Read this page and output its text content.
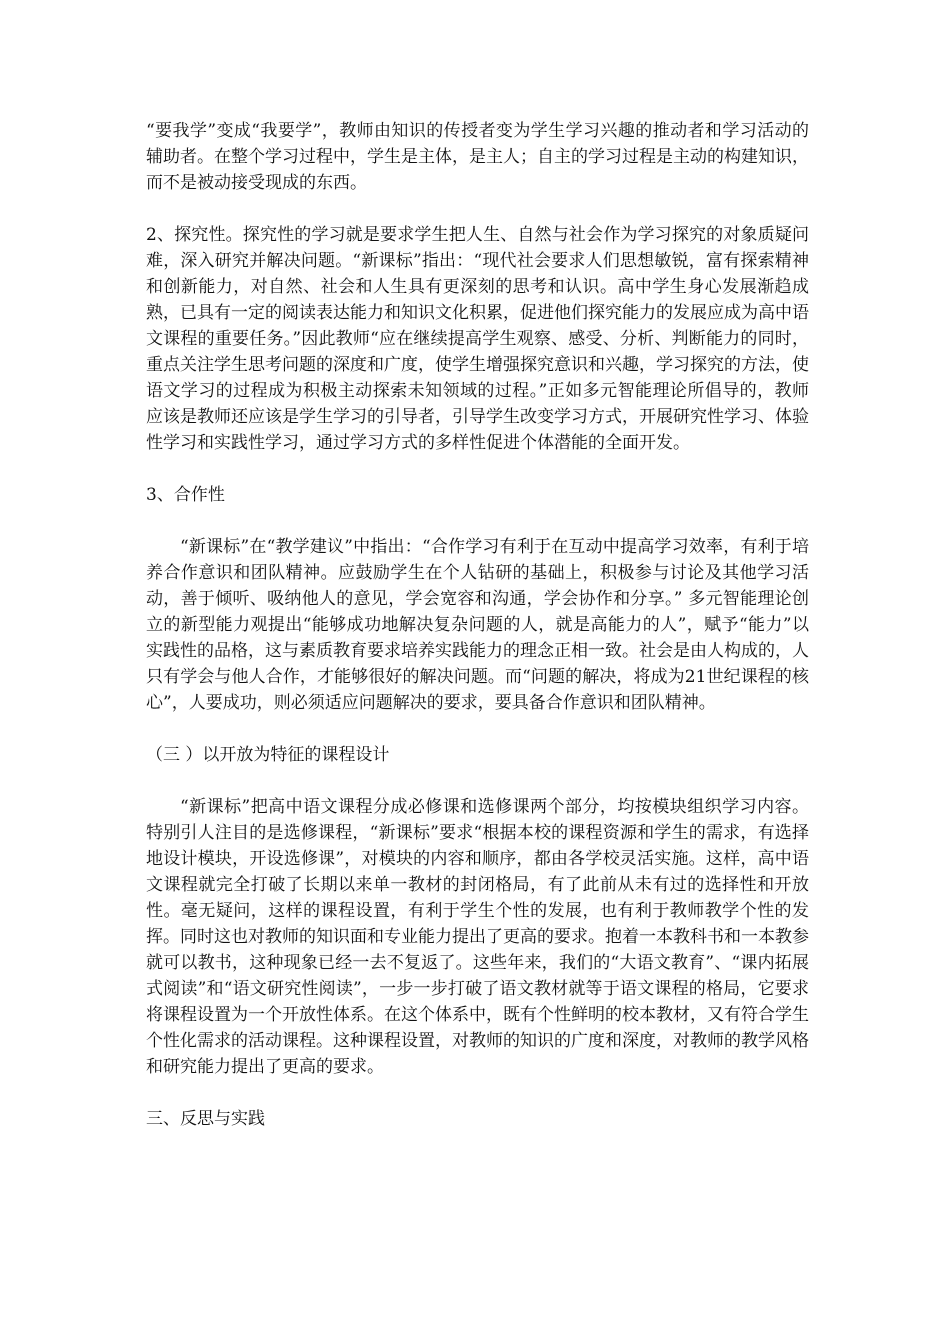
“要我学”变成“我要学”，教师由知识的传授者变为学生学习兴趣的推动者和学习活动的辅助者。在整个学习过程中，学生是主体，是主人；自主的学习过程是主动的构建知识，而不是被动接受现成的东西。

2、探究性。探究性的学习就是要求学生把人生、自然与社会作为学习探究的对象质疑问难，深入研究并解决问题。“新课标”指出：“现代社会要求人们思想敏锐，富有探索精神和创新能力，对自然、社会和人生具有更深刻的思考和认识。高中学生身心发展渐趋成熟，已具有一定的阅读表达能力和知识文化积累，促进他们探究能力的发展应成为高中语文课程的重要任务。”因此教师“应在继续提高学生观察、感受、分析、判断能力的同时，重点关注学生思考问题的深度和广度，使学生增强探究意识和兴趣，学习探究的方法，使语文学习的过程成为积极主动探索未知领域的过程。”正如多元智能理论所倡导的，教师应该是教师还应该是学生学习的引导者，引导学生改变学习方式，开展研究性学习、体验性学习和实践性学习，通过学习方式的多样性促进个体潜能的全面开发。

3、合作性

“新课标”在“教学建议”中指出：“合作学习有利于在互动中提高学习效率，有利于培养合作意识和团队精神。应鼓励学生在个人钻研的基础上，积极参与讨论及其他学习活动，善于倾听、吸纳他人的意见，学会宽容和沟通，学会协作和分享。” 多元智能理论创立的新型能力观提出“能够成功地解决复杂问题的人，就是高能力的人”，赋予“能力”以实践性的品格，这与素质教育要求培养实践能力的理念正相一致。社会是由人构成的，人只有学会与他人合作，才能够很好的解决问题。而“问题的解决，将成为21世纪课程的核心”，人要成功，则必须适应问题解决的要求，要具备合作意识和团队精神。

（三 ）以开放为特征的课程设计

“新课标”把高中语文课程分成必修课和选修课两个部分，均按模块组织学习内容。特别引人注目的是选修课程，“新课标”要求“根据本校的课程资源和学生的需求，有选择地设计模块，开设选修课”，对模块的内容和顺序，都由各学校灵活实施。这样，高中语文课程就完全打破了长期以来单一教材的封闭格局，有了此前从未有过的选择性和开放性。毫无疑问，这样的课程设置，有利于学生个性的发展，也有利于教师教学个性的发挥。同时这也对教师的知识面和专业能力提出了更高的要求。抱着一本教科书和一本教参就可以教书，这种现象已经一去不复返了。这些年来，我们的“大语文教育”、“课内拓展式阅读”和“语文研究性阅读”，一步一步打破了语文教材就等于语文课程的格局，它要求将课程设置为一个开放性体系。在这个体系中，既有个性鲜明的校本教材，又有符合学生个性化需求的活动课程。这种课程设置，对教师的知识的广度和深度，对教师的教学风格和研究能力提出了更高的要求。

三、反思与实践
